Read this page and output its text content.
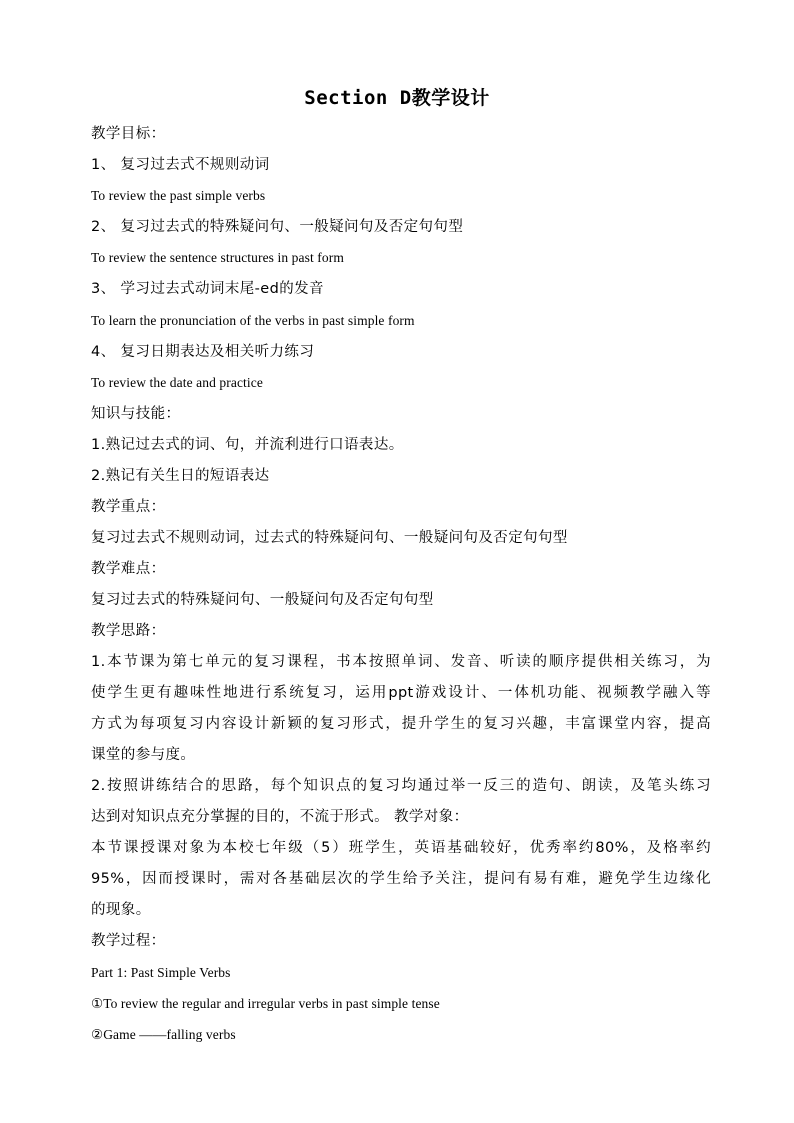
Section D教学设计
教学目标：
1、 复习过去式不规则动词
To review the past simple verbs
2、 复习过去式的特殊疑问句、一般疑问句及否定句句型
To review the sentence structures in past form
3、 学习过去式动词末尾-ed的发音
To learn the pronunciation of the verbs in past simple form
4、 复习日期表达及相关听力练习
To review the date and practice
知识与技能：
1.熟记过去式的词、句，并流利进行口语表达。
2.熟记有关生日的短语表达
教学重点：
复习过去式不规则动词，过去式的特殊疑问句、一般疑问句及否定句句型
教学难点：
复习过去式的特殊疑问句、一般疑问句及否定句句型
教学思路：
1.本节课为第七单元的复习课程，书本按照单词、发音、听读的顺序提供相关练习，为
使学生更有趣味性地进行系统复习，运用ppt游戏设计、一体机功能、视频教学融入等
方式为每项复习内容设计新颖的复习形式，提升学生的复习兴趣，丰富课堂内容，提高
课堂的参与度。
2.按照讲练结合的思路，每个知识点的复习均通过举一反三的造句、朗读，及笔头练习
达到对知识点充分掌握的目的，不流于形式。 教学对象：
本节课授课对象为本校七年级（5）班学生，英语基础较好，优秀率约80%，及格率约
95%，因而授课时，需对各基础层次的学生给予关注，提问有易有难，避免学生边缘化
的现象。
教学过程：
Part 1: Past Simple Verbs
①To review the regular and irregular verbs in past simple tense
②Game ——falling verbs
